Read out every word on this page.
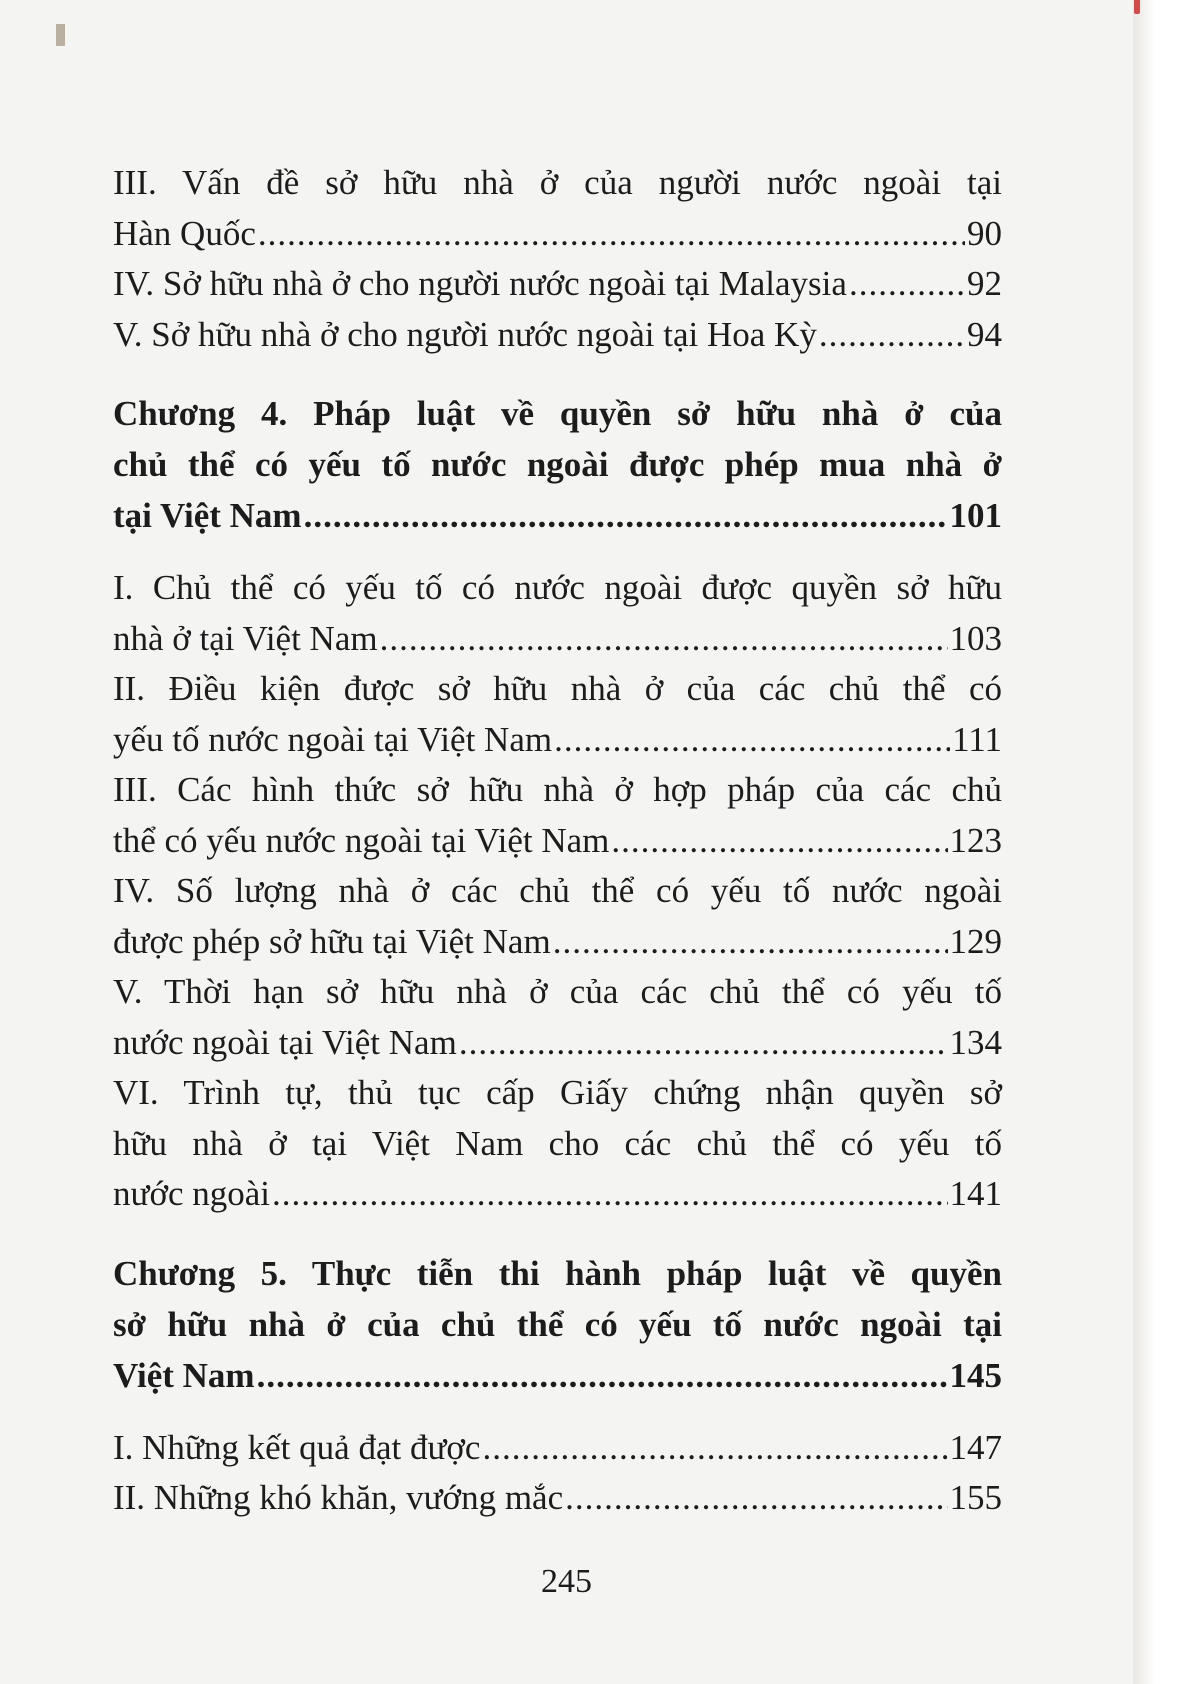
III. Vấn đề sở hữu nhà ở của người nước ngoài tại
Hàn Quốc .....	90
IV. Sở hữu nhà ở cho người nước ngoài tại Malaysia .....	92
V. Sở hữu nhà ở cho người nước ngoài tại Hoa Kỳ .....	94
Chương 4. Pháp luật về quyền sở hữu nhà ở của
chủ thể có yếu tố nước ngoài được phép mua nhà ở
tại Việt Nam .....	101
I. Chủ thể có yếu tố có nước ngoài được quyền sở hữu
nhà ở tại Việt Nam .....	103
II. Điều kiện được sở hữu nhà ở của các chủ thể có
yếu tố nước ngoài tại Việt Nam .....	111
III. Các hình thức sở hữu nhà ở hợp pháp của các chủ
thể có yếu nước ngoài tại Việt Nam .....	123
IV. Số lượng nhà ở các chủ thể có yếu tố nước ngoài
được phép sở hữu tại Việt Nam .....	129
V. Thời hạn sở hữu nhà ở của các chủ thể có yếu tố
nước ngoài tại Việt Nam .....	134
VI. Trình tự, thủ tục cấp Giấy chứng nhận quyền sở
hữu nhà ở tại Việt Nam cho các chủ thể có yếu tố
nước ngoài .....	141
Chương 5. Thực tiễn thi hành pháp luật về quyền
sở hữu nhà ở của chủ thể có yếu tố nước ngoài tại
Việt Nam .....	145
I. Những kết quả đạt được .....	147
II. Những khó khăn, vướng mắc .....	155
245
